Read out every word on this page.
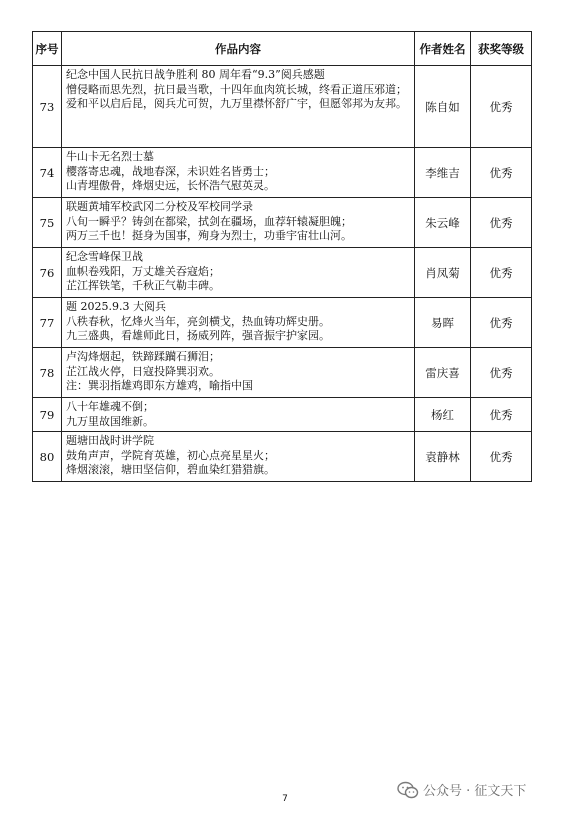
序号	作品内容	作者姓名	获奖等级
73	纪念中国人民抗日战争胜利 80 周年看“9.3”阅兵感题
憎侵略而思先烈，抗日最当歌，十四年血肉筑长城，终看正道压邪道；
爱和平以启后昆，阅兵尤可贺，九万里襟怀舒广宇，但愿邻邦为友邦。	陈自如	优秀
74	牛山卡无名烈士墓
樱落寄忠魂，战地春深，未识姓名皆勇士；
山青埋傲骨，烽烟史远，长怀浩气慰英灵。	李维吉	优秀
75	联题黄埔军校武冈二分校及军校同学录
八旬一瞬乎？铸剑在都梁，拭剑在疆场，血荐轩辕凝胆魄；
两万三千也！挺身为国事，殉身为烈士，功垂宇宙壮山河。	朱云峰	优秀
76	纪念雪峰保卫战
血帜卷残阳，万丈雄关吞寇焰；
芷江挥铁笔，千秋正气勒丰碑。	肖凤菊	优秀
77	题 2025.9.3 大阅兵
八秩春秋，忆烽火当年，亮剑横戈，热血铸功辉史册。
九三盛典，看雄师此日，扬威列阵，强音振宇护家园。	易晖	优秀
78	卢沟烽烟起，铁蹄蹂躏石狮泪；
芷江战火停，日寇投降巽羽欢。
注：巽羽指雄鸡即东方雄鸡，喻指中国	雷庆喜	优秀
79	八十年雄魂不倒；
九万里故国维新。	杨红	优秀
80	题塘田战时讲学院
鼓角声声，学院育英雄，初心点亮星星火；
烽烟滚滚，塘田坚信仰，碧血染红猎猎旗。	袁静林	优秀
7	公众号 · 征文天下
